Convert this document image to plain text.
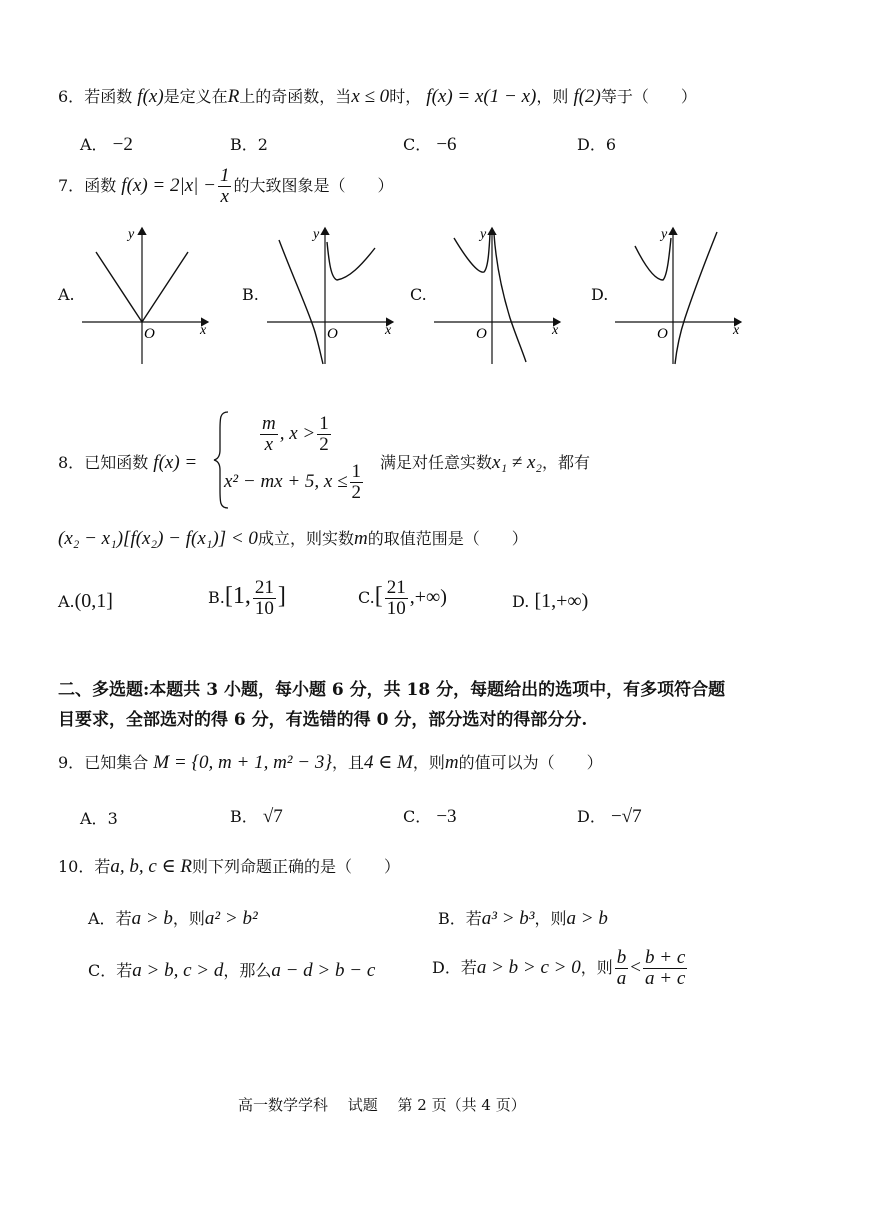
6．若函数 f(x)是定义在R上的奇函数，当x ≤ 0时， f(x) = x(1 − x)，则 f(2)等于（　　）
A． −2	B．2	C． −6	D．6
7．函数 $f(x) = 2|x| - \frac{1}{x}$ 的大致图象是（　　）
A.	B.	C.	D.
y
x
O
y
x
O
y
x
O
y
x
O
8．已知函数 f(x) =
$\frac{m}{x}$ , $x > \frac{1}{2}$
x² − mx + 5, $x \le \frac{1}{2}$ 满足对任意实数x₁ ≠ x₂，都有
(x₂ − x₁)[f(x₂) − f(x₁)] < 0成立，则实数m的取值范围是（　　）
A.(0,1]	B.[1, $\frac{21}{10}$ ]	$C.[ \frac{21}{10}$ ,+∞)	D. [1,+∞)
二、多选题:本题共 3 小题，每小题 6 分，共 18 分，每题给出的选项中，有多项符合题
目要求，全部选对的得 6 分，有选错的得 0 分，部分选对的得部分分.
9．已知集合 M = {0, m + 1, m² − 3}，且4 ∈ M，则m的值可以为（　　）
A．3	B． √7	C． −3	D． −√7
10．若a, b, c ∈ R则下列命题正确的是（　　）
A．若a > b，则a² > b²	B．若a³ > b³，则a > b
C．若a > b, c > d，那么a − d > b − c	D．若a > b > c > 0，则 $\frac{b}{a} < \frac{b + c}{a + c}$
高一数学学科　 试题　 第 2 页（共 4 页）
